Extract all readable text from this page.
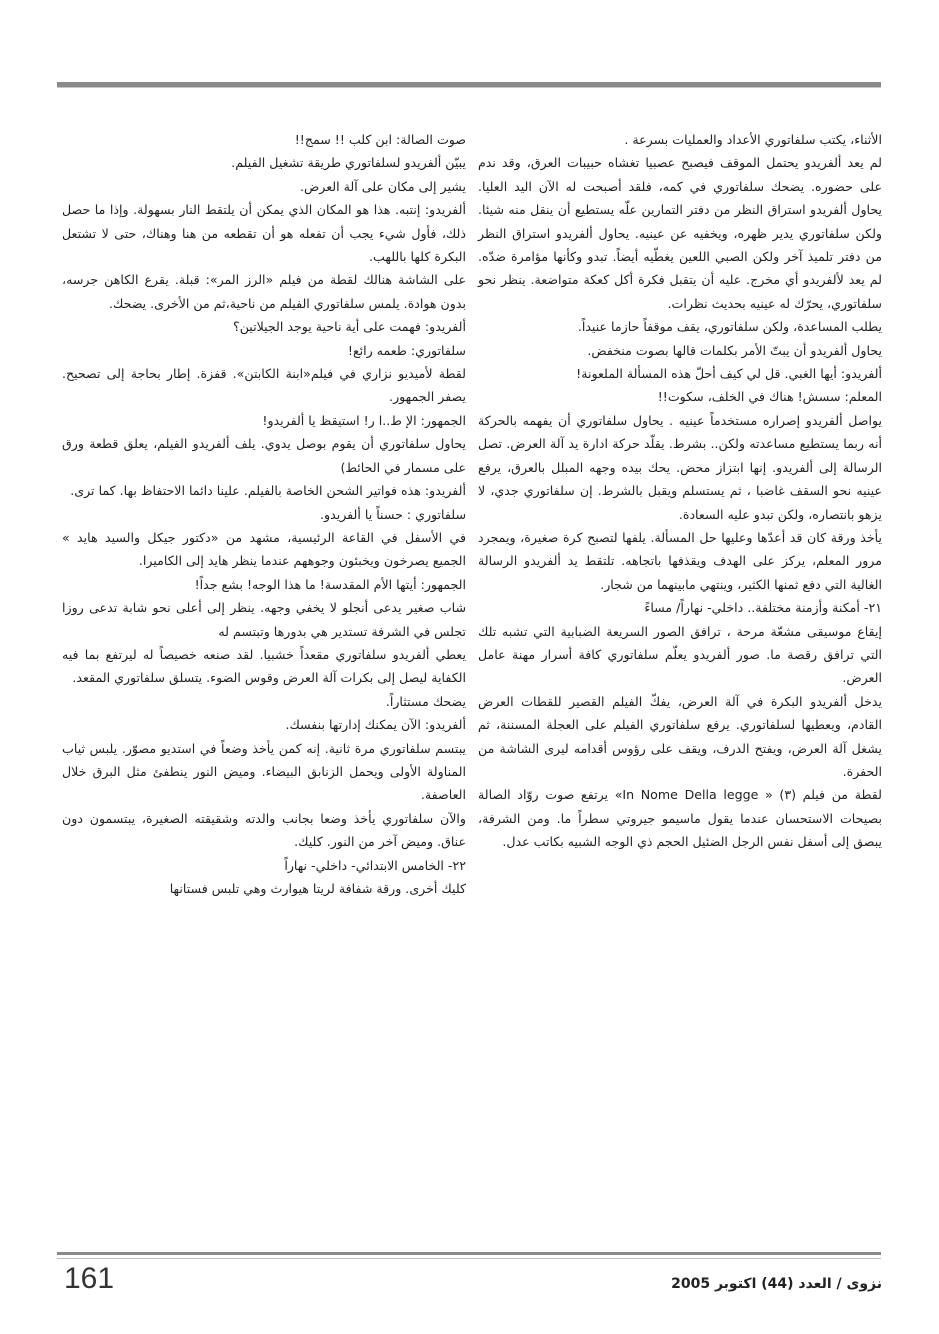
الأثناء، يكتب سلفاتوري الأعداد والعمليات بسرعة .

لم يعد ألفريدو يحتمل الموقف فيصبح عصبيا تغشاه حبيبات العرق، وقد ندم على حضوره. يضحك سلفاتوري في كمه، فلقد أصبحت له الآن اليد العليا. يحاول ألفريدو استراق النظر من دفتر التمارين علّه يستطيع أن ينقل منه شيئا. ولكن سلفاتوري يدير ظهره، ويخفيه عن عينيه. يحاول ألفريدو استراق النظر من دفتر تلميذ آخر ولكن الصبي اللعين يغطّيه أيضاً. تبدو وكأنها مؤامرة ضدّه. لم يعد لألفريدو أي مخرج. عليه أن يتقبل فكرة أكل كعكة متواضعة. ينظر نحو سلفاتوري، يحرّك له عينيه بحديث نظرات.

يطلب المساعدة، ولكن سلفاتوري، يقف موقفاً حازما عنيداً.

يحاول ألفريدو أن يبتّ الأمر بكلمات قالها بصوت منخفض.

ألفريدو: أيها الغبي. قل لي كيف أحلّ هذه المسألة الملعونة!

المعلم: سسش! هناك في الخلف، سكوت!!

يواصل ألفريدو إصراره مستخدماً عينيه . يحاول سلفاتوري أن يفهمه بالحركة أنه ربما يستطيع مساعدته ولكن.. بشرط. يقلّد حركة ادارة يد آلة العرض. تصل الرسالة إلى ألفريدو. إنها ابتزاز محض. يحك بيده وجهه المبلل بالعرق، يرفع عينيه نحو السقف غاضبا ، ثم يستسلم ويقبل بالشرط. إن سلفاتوري جدي، لا يزهو بانتصاره، ولكن تبدو عليه السعادة.

يأخذ ورقة كان قد أعدّها وعليها حل المسألة. يلفها لتصبح كرة صغيرة، ويمجرد مرور المعلم، يركز على الهدف ويقذفها باتجاهه. تلتقط يد ألفريدو الرسالة الغالية التي دفع ثمنها الكثير، وينتهي مابينهما من شجار.

٢١- أمكنة وأزمنة مختلفة.. داخلي- نهاراً/ مساءً

إيقاع موسيقى مشعّة مرحة ، ترافق الصور السريعة الضبابية التي تشبه تلك التي ترافق رقصة ما. صور ألفريدو يعلّم سلفاتوري كافة أسرار مهنة عامل العرض.

يدخل ألفريدو البكرة في آلة العرض، يفكّ الفيلم القصير للقطات العرض القادم، ويعطيها لسلفاتوري. يرفع سلفاتوري الفيلم على العجلة المسننة، ثم يشغل آلة العرض، ويفتح الدرف، ويقف على رؤوس أقدامه ليرى الشاشة من الحفرة.

لقطة من فيلم (٣) « In Nome Della legge» يرتفع صوت روّاد الصالة بصيحات الاستحسان عندما يقول ماسيمو جيروتي سطراً ما. ومن الشرفة، يبصق إلى أسفل نفس الرجل الضئيل الحجم ذي الوجه الشبيه بكاتب عدل.

صوت الصالة: ابن كلب !! سمج!!

يبيّن ألفريدو لسلفاتوري طريقة تشغيل الفيلم.

يشير إلى مكان على آلة العرض.

ألفريدو: إنتبه. هذا هو المكان الذي يمكن أن يلتقط النار بسهولة. وإذا ما حصل ذلك، فأول شيء يجب أن تفعله هو أن تقطعه من هنا وهناك، حتى لا تشتعل البكرة كلها باللهب.

على الشاشة هنالك لقطة من فيلم «الرز المر»: قبلة. يقرع الكاهن جرسه، بدون هوادة. يلمس سلفاتوري الفيلم من ناحية،ثم من الأخرى. يضحك.

ألفريدو: فهمت على أية ناحية يوجد الجيلاتين؟

سلفاتوري: طعمه رائع!

لقطة لأميديو نزاري في فيلم«ابنة الكابتن». قفزة. إطار بحاجة إلى تصحيح. يصفر الجمهور.

الجمهور: الإ ط..ا ر! استيقظ يا ألفريدو!

يحاول سلفاتوري أن يقوم بوصل يدوي. يلف ألفريدو الفيلم، يعلق قطعة ورق على مسمار في الحائط)

ألفريدو: هذه فواتير الشحن الخاصة بالفيلم. علينا دائما الاحتفاظ بها. كما ترى.

سلفاتوري : حسناً يا ألفريدو.

في الأسفل في القاعة الرئيسية، مشهد من «دكتور جيكل والسيد هايد » الجميع يصرخون ويخبئون وجوههم عندما ينظر هايد إلى الكاميرا.

الجمهور: أيتها الأم المقدسة! ما هذا الوجه! بشع جداً!

شاب صغير يدعى أنجلو لا يخفي وجهه. ينظر إلى أعلى نحو شابة تدعى روزا تجلس في الشرفة تستدير هي بدورها وتبتسم له

يعطي ألفريدو سلفاتوري مقعداً خشبيا. لقد صنعه خصيصاً له ليرتفع بما فيه الكفاية ليصل إلى بكرات آلة العرض وقوس الضوء. يتسلق سلفاتوري المقعد.

يضحك مستثاراً.

ألفريدو: الآن يمكنك إدارتها بنفسك.

يبتسم سلفاتوري مرة ثانية. إنه كمن يأخذ وضعاً في استديو مصوّر. يلبس ثياب المناولة الأولى ويحمل الزنابق البيضاء. وميض النور ينطفئ مثل البرق خلال العاصفة.

والآن سلفاتوري يأخذ وضعا بجانب والدته وشقيقته الصغيرة، يبتسمون دون عناق. وميض آخر من النور. كليك.

٢٢- الخامس الابتدائي- داخلي- نهاراً

كليك أخرى. ورقة شفافة لريتا هيوارث وهي تلبس فستانها

161	نزوى / العدد (44) اكتوبر 2005
